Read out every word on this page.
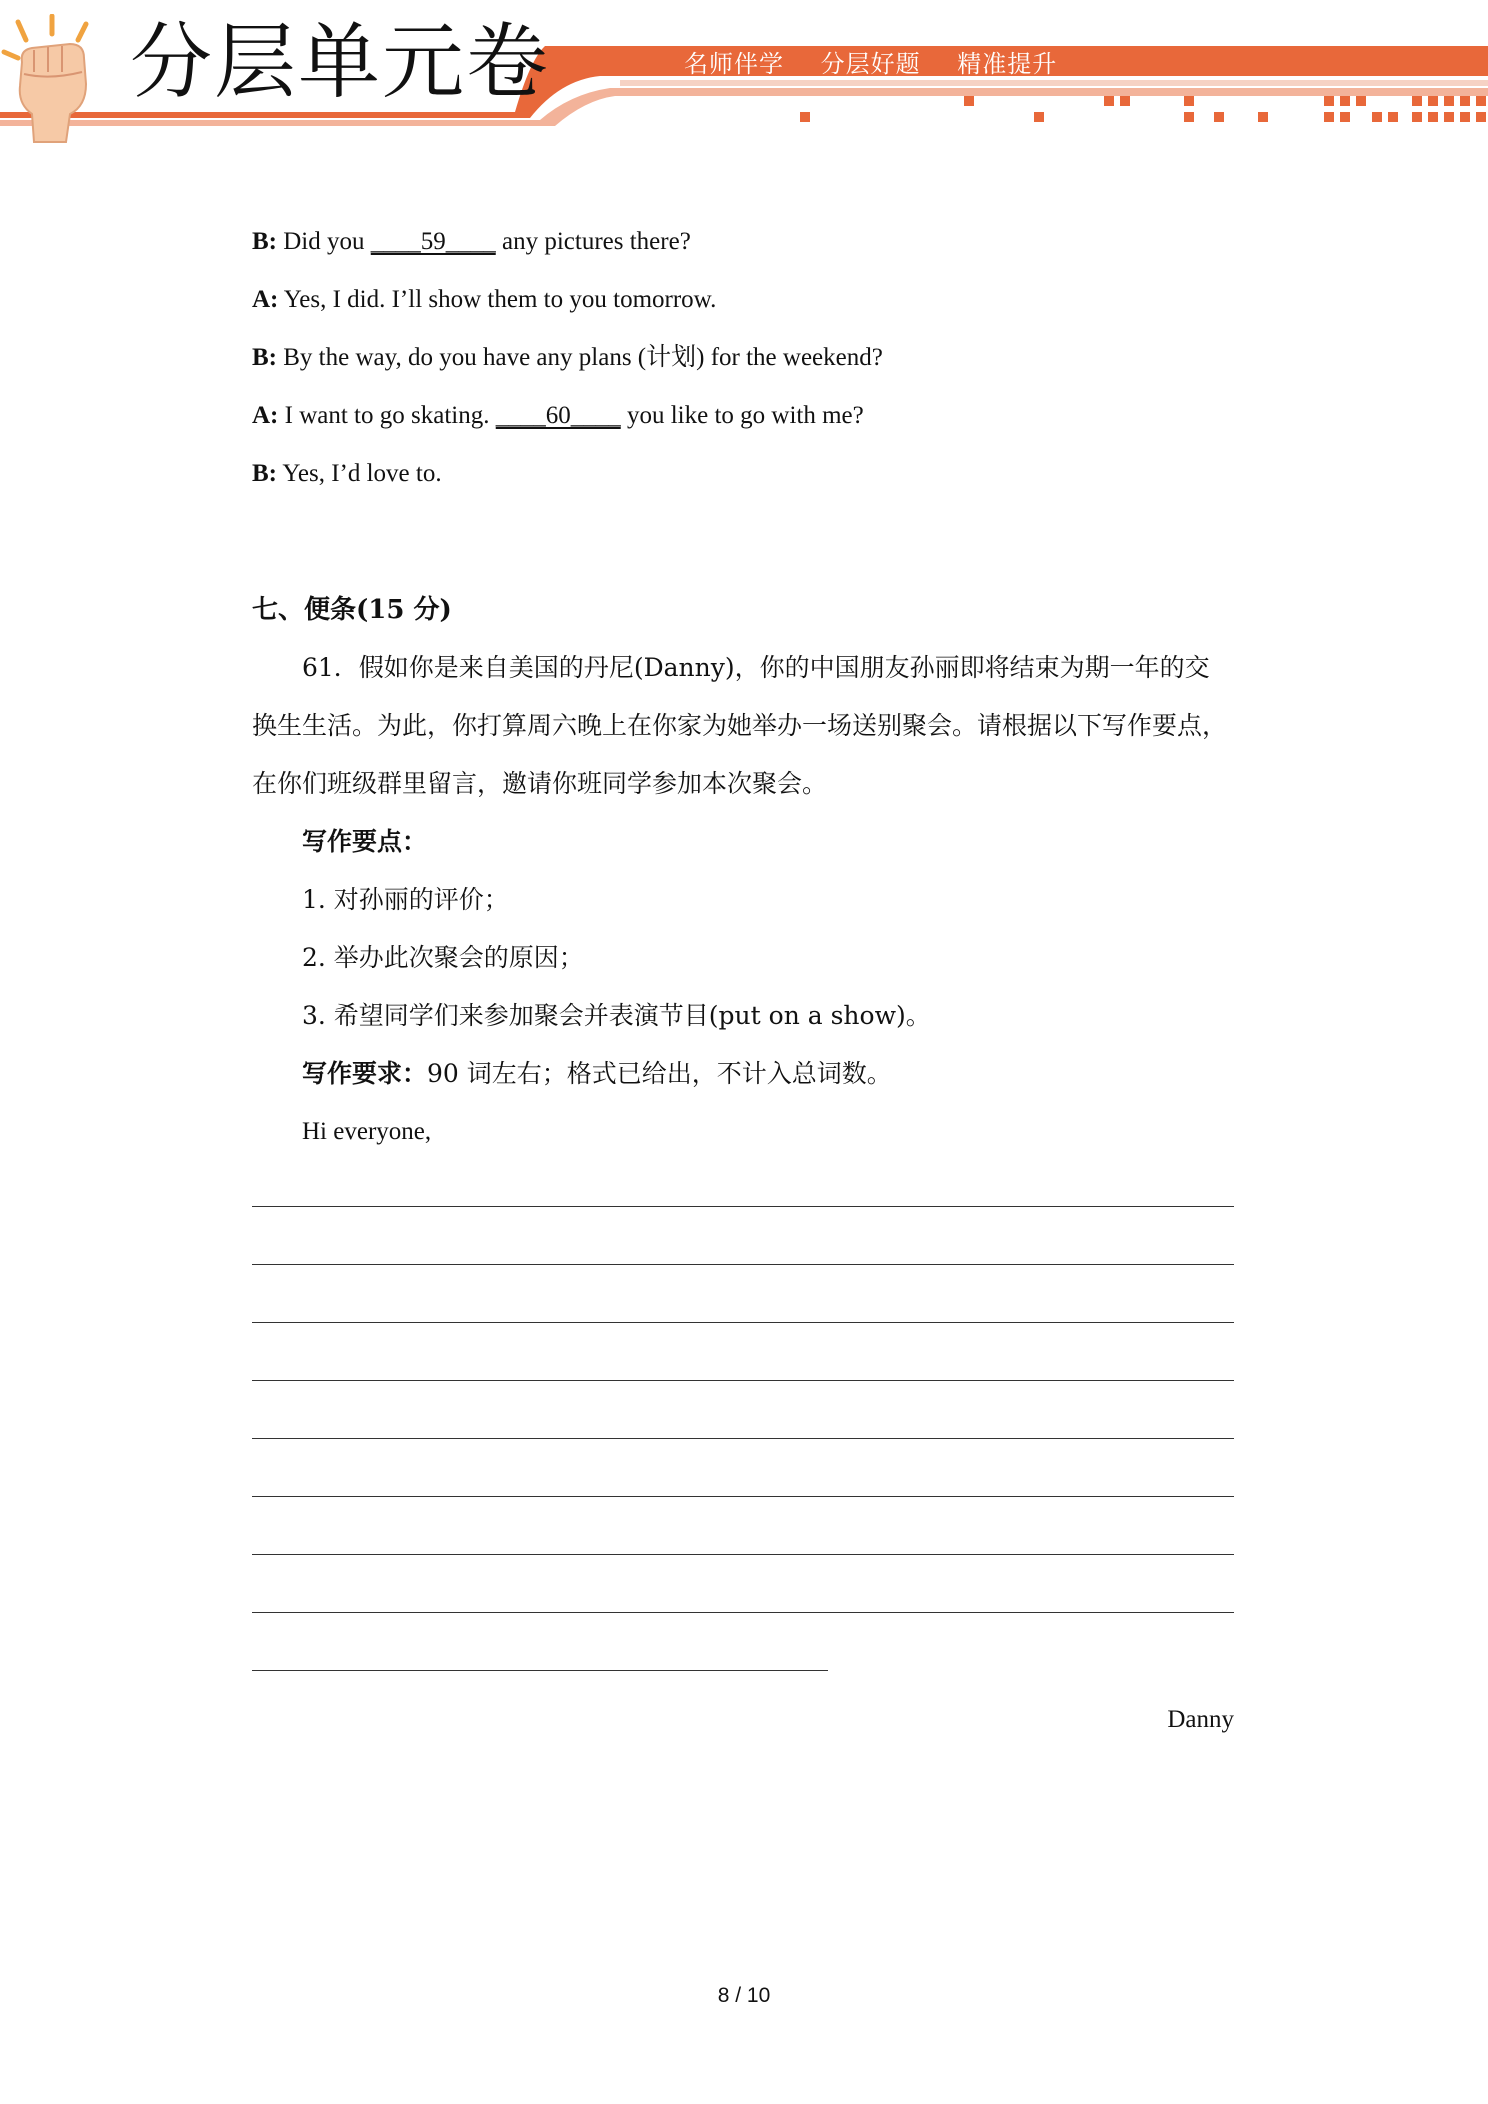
分层单元卷	名师伴学 分层好题 精准提升
B: Did you ____59____ any pictures there?
A: Yes, I did. I’ll show them to you tomorrow.
B: By the way, do you have any plans (计划) for the weekend?
A: I want to go skating. ____60____ you like to go with me?
B: Yes, I’d love to.
七、便条(15 分)
61．假如你是来自美国的丹尼(Danny)，你的中国朋友孙丽即将结束为期一年的交
换生生活。为此，你打算周六晚上在你家为她举办一场送别聚会。请根据以下写作要点，
在你们班级群里留言，邀请你班同学参加本次聚会。
写作要点：
1. 对孙丽的评价；
2. 举办此次聚会的原因；
3. 希望同学们来参加聚会并表演节目(put on a show)。
写作要求：90 词左右；格式已给出，不计入总词数。
Hi everyone,
Danny
8 / 10
